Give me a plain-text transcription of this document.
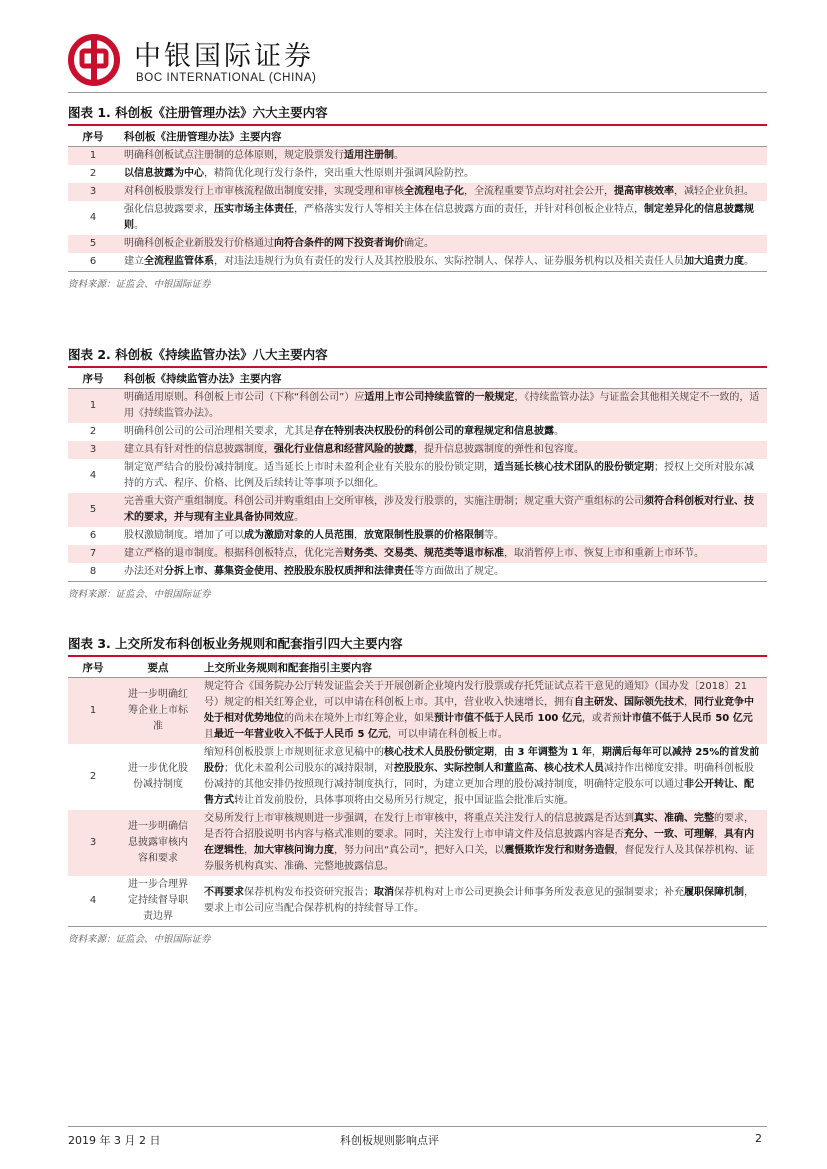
中银国际证券
BOC INTERNATIONAL (CHINA)
图表 1. 科创板《注册管理办法》六大主要内容
序号	科创板《注册管理办法》主要内容
1	明确科创板试点注册制的总体原则，规定股票发行适用注册制。
2	以信息披露为中心，精简优化现行发行条件，突出重大性原则并强调风险防控。
3	对科创板股票发行上市审核流程做出制度安排，实现受理和审核全流程电子化，全流程重要节点均对社会公开，提高审核效率，减轻企业负担。
4	强化信息披露要求，压实市场主体责任，严格落实发行人等相关主体在信息披露方面的责任，并针对科创板企业特点，制定差异化的信息披露规则。
5	明确科创板企业新股发行价格通过向符合条件的网下投资者询价确定。
6	建立全流程监管体系，对违法违规行为负有责任的发行人及其控股股东、实际控制人、保荐人、证券服务机构以及相关责任人员加大追责力度。
资料来源：证监会、中银国际证券
图表 2. 科创板《持续监管办法》八大主要内容
序号	科创板《持续监管办法》主要内容
1	明确适用原则。科创板上市公司（下称“科创公司”）应适用上市公司持续监管的一般规定，《持续监管办法》与证监会其他相关规定不一致的，适用《持续监管办法》。
2	明确科创公司的公司治理相关要求，尤其是存在特别表决权股份的科创公司的章程规定和信息披露。
3	建立具有针对性的信息披露制度，强化行业信息和经营风险的披露，提升信息披露制度的弹性和包容度。
4	制定宽严结合的股份减持制度。适当延长上市时未盈利企业有关股东的股份锁定期，适当延长核心技术团队的股份锁定期；授权上交所对股东减持的方式、程序、价格、比例及后续转让等事项予以细化。
5	完善重大资产重组制度。科创公司并购重组由上交所审核，涉及发行股票的，实施注册制；规定重大资产重组标的公司须符合科创板对行业、技术的要求，并与现有主业具备协同效应。
6	股权激励制度。增加了可以成为激励对象的人员范围，放宽限制性股票的价格限制等。
7	建立严格的退市制度。根据科创板特点，优化完善财务类、交易类、规范类等退市标准，取消暂停上市、恢复上市和重新上市环节。
8	办法还对分拆上市、募集资金使用、控股股东股权质押和法律责任等方面做出了规定。
资料来源：证监会、中银国际证券
图表 3. 上交所发布科创板业务规则和配套指引四大主要内容
序号	要点	上交所业务规则和配套指引主要内容
1	进一步明确红筹企业上市标准	规定符合《国务院办公厅转发证监会关于开展创新企业境内发行股票或存托凭证试点若干意见的通知》（国办发〔2018〕21 号）规定的相关红筹企业，可以申请在科创板上市。其中，营业收入快速增长，拥有自主研发、国际领先技术，同行业竞争中处于相对优势地位的尚未在境外上市红筹企业，如果预计市值不低于人民币 100 亿元，或者预计市值不低于人民币 50 亿元且最近一年营业收入不低于人民币 5 亿元，可以申请在科创板上市。
2	进一步优化股份减持制度	缩短科创板股票上市规则征求意见稿中的核心技术人员股份锁定期，由 3 年调整为 1 年，期满后每年可以减持 25%的首发前股份；优化未盈利公司股东的减持限制，对控股股东、实际控制人和董监高、核心技术人员减持作出梯度安排。明确科创板股份减持的其他安排仍按照现行减持制度执行，同时，为建立更加合理的股份减持制度，明确特定股东可以通过非公开转让、配售方式转让首发前股份，具体事项将由交易所另行规定，报中国证监会批准后实施。
3	进一步明确信息披露审核内容和要求	交易所发行上市审核规则进一步强调，在发行上市审核中，将重点关注发行人的信息披露是否达到真实、准确、完整的要求，是否符合招股说明书内容与格式准则的要求。同时，关注发行上市申请文件及信息披露内容是否充分、一致、可理解，具有内在逻辑性，加大审核问询力度，努力问出“真公司”，把好入口关，以震慑欺诈发行和财务造假，督促发行人及其保荐机构、证券服务机构真实、准确、完整地披露信息。
4	进一步合理界定持续督导职责边界	不再要求保荐机构发布投资研究报告；取消保荐机构对上市公司更换会计师事务所发表意见的强制要求；补充履职保障机制，要求上市公司应当配合保荐机构的持续督导工作。
资料来源：证监会、中银国际证券
2019 年 3 月 2 日	科创板规则影响点评	2
